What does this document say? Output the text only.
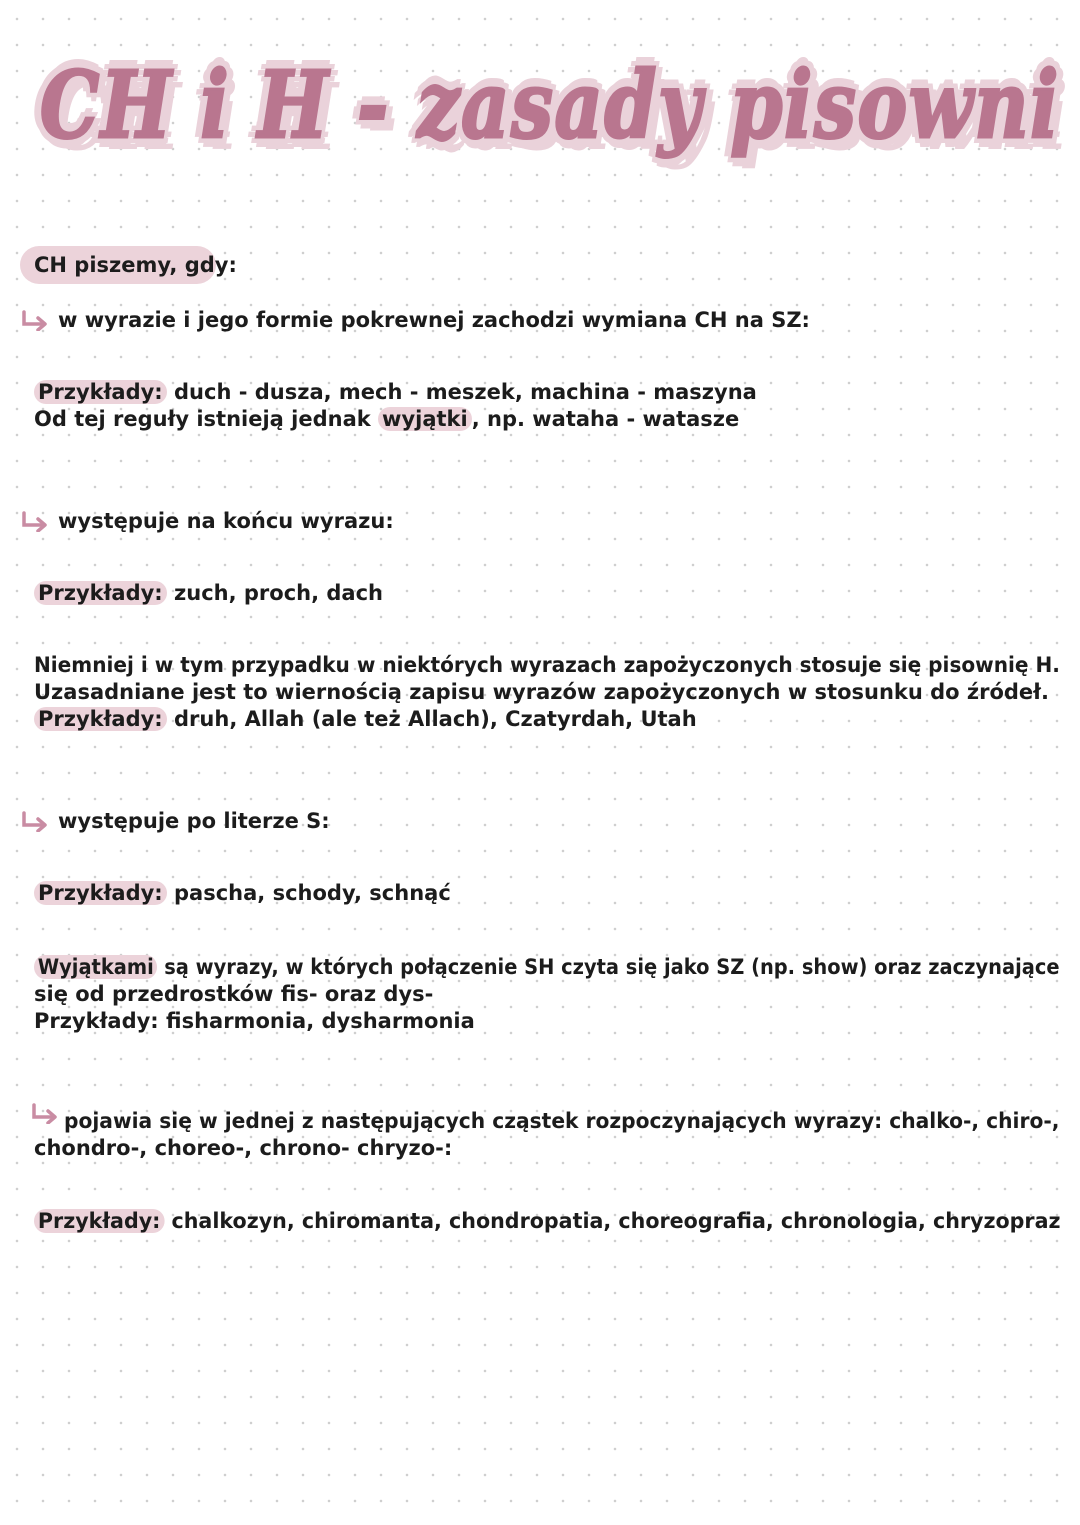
CH i H - zasady pisowni
CH piszemy, gdy:
w wyrazie i jego formie pokrewnej zachodzi wymiana CH na SZ:
Przykłady: duch - dusza, mech - meszek, machina - maszyna
Od tej reguły istnieją jednak wyjątki , np. wataha - watasze
występuje na końcu wyrazu:
Przykłady: zuch, proch, dach
Niemniej i w tym przypadku w niektórych wyrazach zapożyczonych stosuje się pisownię H.
Uzasadniane jest to wiernością zapisu wyrazów zapożyczonych w stosunku do źródeł.
Przykłady: druh, Allah (ale też Allach), Czatyrdah, Utah
występuje po literze S:
Przykłady: pascha, schody, schnąć
Wyjątkami są wyrazy, w których połączenie SH czyta się jako SZ (np. show) oraz zaczynające
się od przedrostków fis- oraz dys-
Przykłady: fisharmonia, dysharmonia
pojawia się w jednej z następujących cząstek rozpoczynających wyrazy: chalko-, chiro-,
chondro-, choreo-, chrono- chryzo-:
Przykłady: chalkozyn, chiromanta, chondropatia, choreografia, chronologia, chryzopraz
